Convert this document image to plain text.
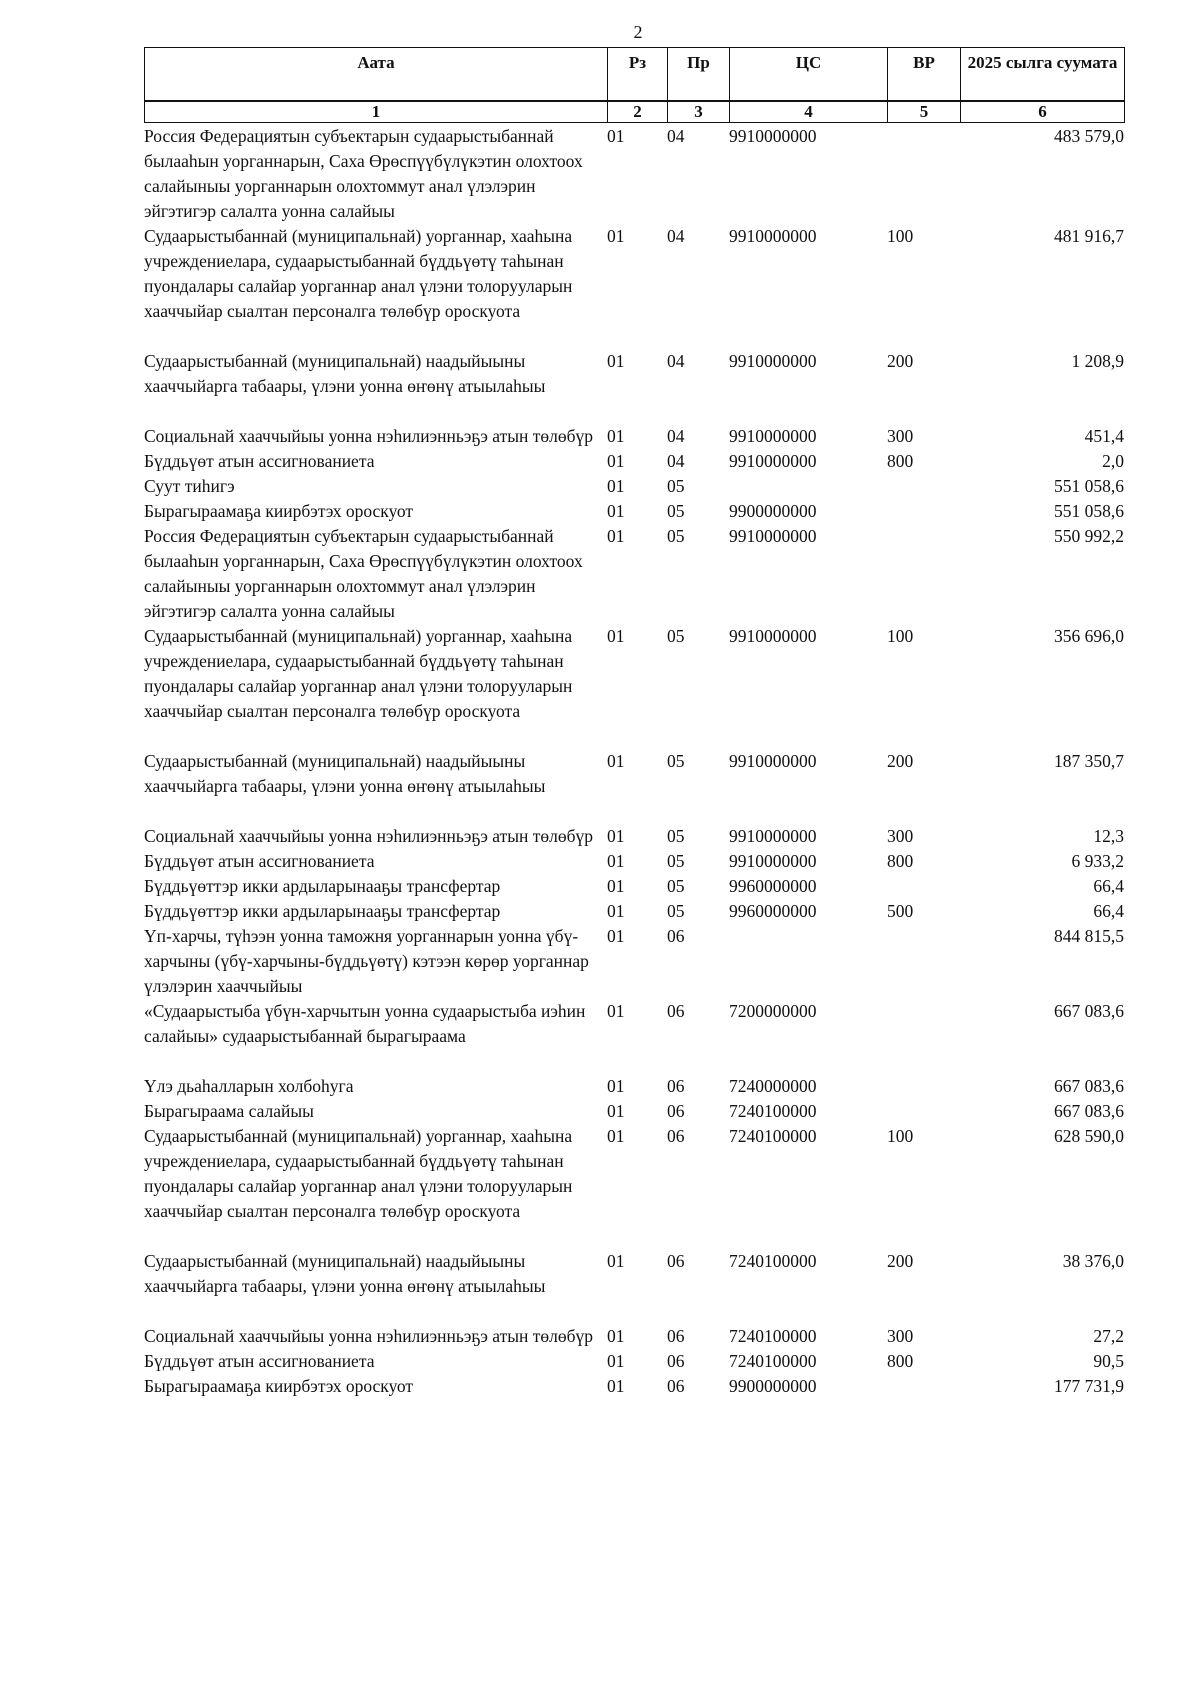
2
Аата	Рз	Пр	ЦС	ВР	2025 сылга суумата
1	2	3	4	5	6
Россия Федерациятын субъектарын судаарыстыбаннай былааһын уорганнарын, Саха Өрөспүүбүлүкэтин олохтоох салайыныы уорганнарын олохтоммут анал үлэлэрин эйгэтигэр салалта уонна салайыы	01	04	9910000000		483 579,0
Судаарыстыбаннай (муниципальнай) уорганнар, хааһына учреждениелара, судаарыстыбаннай бүддьүөтү таһынан пуондалары салайар уорганнар анал үлэни толорууларын хааччыйар сыалтан персоналга төлөбүр ороскуота	01	04	9910000000	100	481 916,7
Судаарыстыбаннай (муниципальнай) наадыйыыны хааччыйарга табаары, үлэни уонна өҥөнү атыылаһыы	01	04	9910000000	200	1 208,9
Социальнай хааччыйыы уонна нэһилиэнньэҕэ атын төлөбүр	01	04	9910000000	300	451,4
Бүддьүөт атын ассигнованиета	01	04	9910000000	800	2,0
Суут тиһигэ	01	05			551 058,6
Бырагыраамаҕа киирбэтэх ороскуот	01	05	9900000000		551 058,6
Россия Федерациятын субъектарын судаарыстыбаннай былааһын уорганнарын, Саха Өрөспүүбүлүкэтин олохтоох салайыныы уорганнарын олохтоммут анал үлэлэрин эйгэтигэр салалта уонна салайыы	01	05	9910000000		550 992,2
Судаарыстыбаннай (муниципальнай) уорганнар, хааһына учреждениелара, судаарыстыбаннай бүддьүөтү таһынан пуондалары салайар уорганнар анал үлэни толорууларын хааччыйар сыалтан персоналга төлөбүр ороскуота	01	05	9910000000	100	356 696,0
Судаарыстыбаннай (муниципальнай) наадыйыыны хааччыйарга табаары, үлэни уонна өҥөнү атыылаһыы	01	05	9910000000	200	187 350,7
Социальнай хааччыйыы уонна нэһилиэнньэҕэ атын төлөбүр	01	05	9910000000	300	12,3
Бүддьүөт атын ассигнованиета	01	05	9910000000	800	6 933,2
Бүддьүөттэр икки ардыларынааҕы трансфертар	01	05	9960000000		66,4
Бүддьүөттэр икки ардыларынааҕы трансфертар	01	05	9960000000	500	66,4
Үп-харчы, түһээн уонна таможня уорганнарын уонна үбү-харчыны (үбү-харчыны-бүддьүөтү) кэтээн көрөр уорганнар үлэлэрин хааччыйыы	01	06			844 815,5
«Судаарыстыба үбүн-харчытын уонна судаарыстыба иэһин салайыы» судаарыстыбаннай бырагыраама	01	06	7200000000		667 083,6
Үлэ дьаһалларын холбоһуга	01	06	7240000000		667 083,6
Бырагыраама салайыы	01	06	7240100000		667 083,6
Судаарыстыбаннай (муниципальнай) уорганнар, хааһына учреждениелара, судаарыстыбаннай бүддьүөтү таһынан пуондалары салайар уорганнар анал үлэни толорууларын хааччыйар сыалтан персоналга төлөбүр ороскуота	01	06	7240100000	100	628 590,0
Судаарыстыбаннай (муниципальнай) наадыйыыны хааччыйарга табаары, үлэни уонна өҥөнү атыылаһыы	01	06	7240100000	200	38 376,0
Социальнай хааччыйыы уонна нэһилиэнньэҕэ атын төлөбүр	01	06	7240100000	300	27,2
Бүддьүөт атын ассигнованиета	01	06	7240100000	800	90,5
Бырагыраамаҕа киирбэтэх ороскуот	01	06	9900000000		177 731,9
